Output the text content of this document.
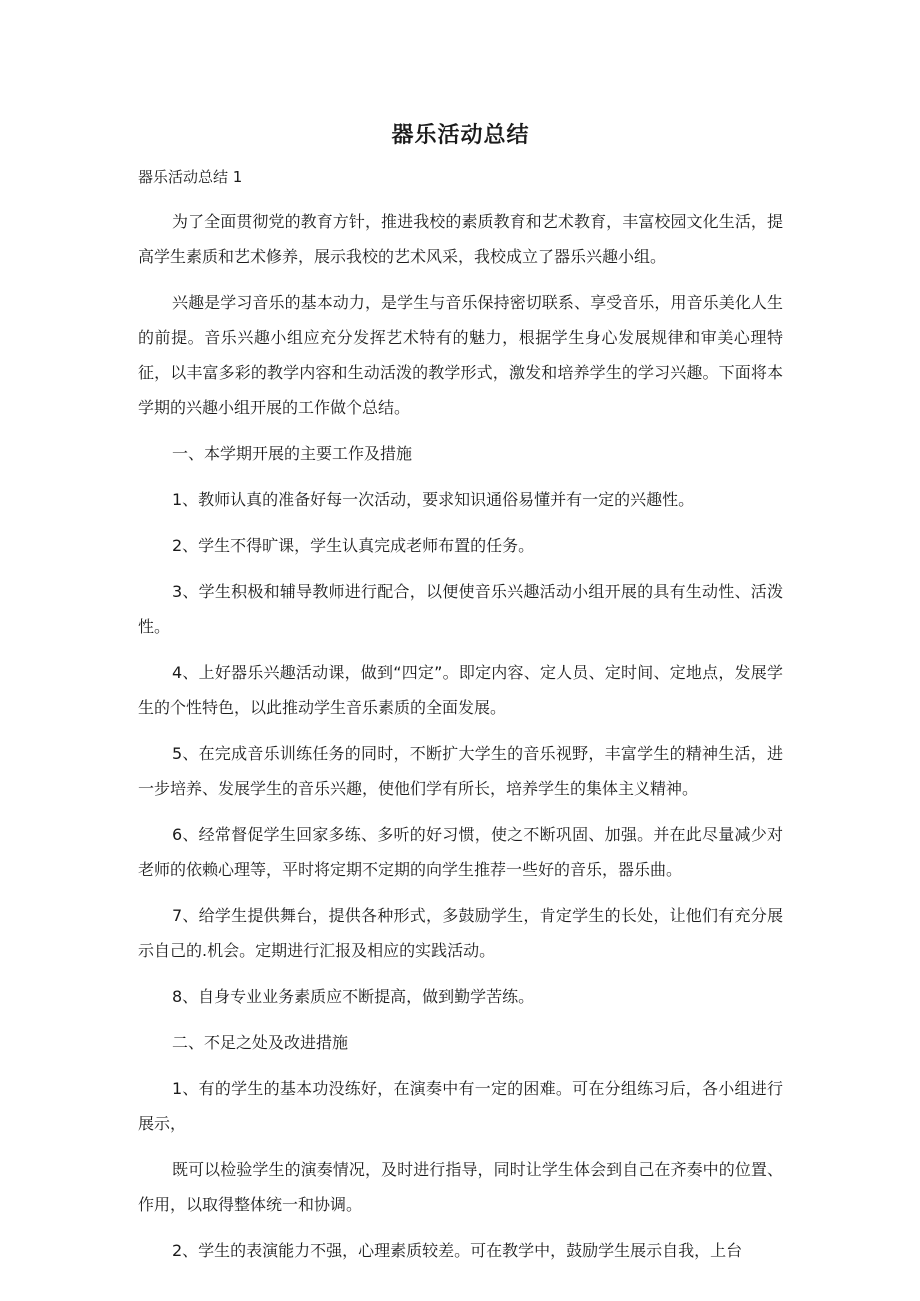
器乐活动总结
器乐活动总结 1

为了全面贯彻党的教育方针，推进我校的素质教育和艺术教育，丰富校园文化生活，提高学生素质和艺术修养，展示我校的艺术风采，我校成立了器乐兴趣小组。

兴趣是学习音乐的基本动力，是学生与音乐保持密切联系、享受音乐，用音乐美化人生的前提。音乐兴趣小组应充分发挥艺术特有的魅力，根据学生身心发展规律和审美心理特征，以丰富多彩的教学内容和生动活泼的教学形式，激发和培养学生的学习兴趣。下面将本学期的兴趣小组开展的工作做个总结。

一、本学期开展的主要工作及措施

1、教师认真的准备好每一次活动，要求知识通俗易懂并有一定的兴趣性。

2、学生不得旷课，学生认真完成老师布置的任务。

3、学生积极和辅导教师进行配合，以便使音乐兴趣活动小组开展的具有生动性、活泼性。

4、上好器乐兴趣活动课，做到“四定”。即定内容、定人员、定时间、定地点，发展学生的个性特色，以此推动学生音乐素质的全面发展。

5、在完成音乐训练任务的同时，不断扩大学生的音乐视野，丰富学生的精神生活，进一步培养、发展学生的音乐兴趣，使他们学有所长，培养学生的集体主义精神。

6、经常督促学生回家多练、多听的好习惯，使之不断巩固、加强。并在此尽量减少对老师的依赖心理等，平时将定期不定期的向学生推荐一些好的音乐，器乐曲。

7、给学生提供舞台，提供各种形式，多鼓励学生，肯定学生的长处，让他们有充分展示自己的.机会。定期进行汇报及相应的实践活动。

8、自身专业业务素质应不断提高，做到勤学苦练。

二、不足之处及改进措施

1、有的学生的基本功没练好，在演奏中有一定的困难。可在分组练习后，各小组进行展示，

既可以检验学生的演奏情况，及时进行指导，同时让学生体会到自己在齐奏中的位置、作用，以取得整体统一和协调。

2、学生的表演能力不强，心理素质较差。可在教学中，鼓励学生展示自我，上台
